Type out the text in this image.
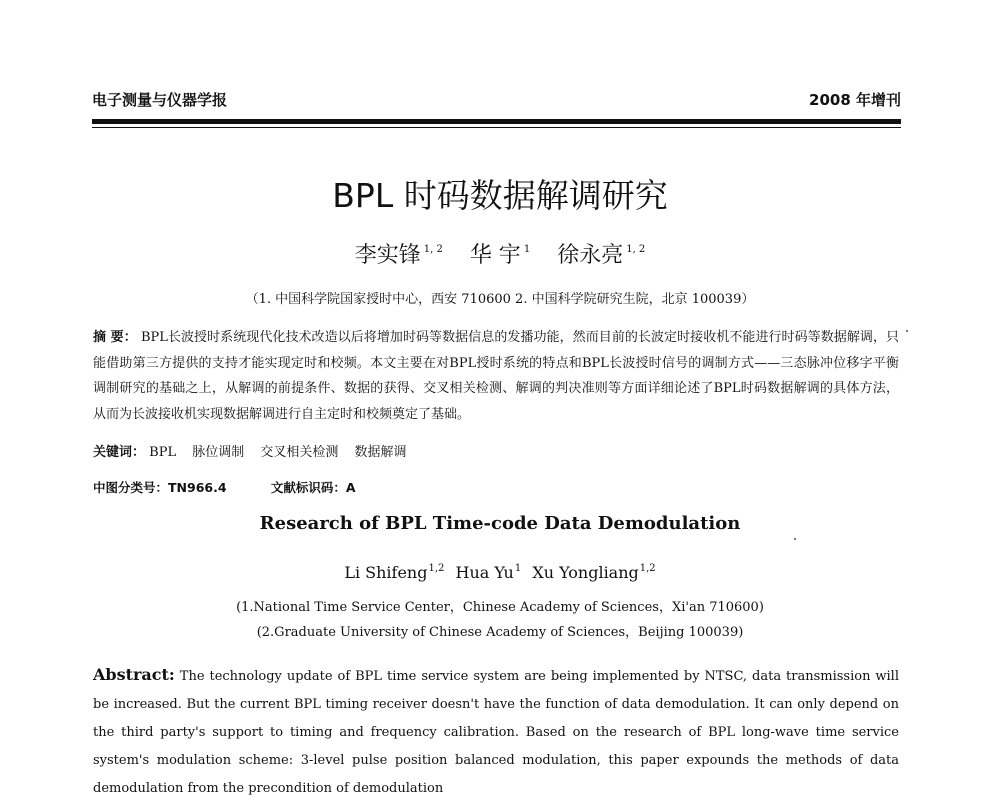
电子测量与仪器学报	2008 年增刊
BPL 时码数据解调研究
李实锋 $^{1, 2}$ 华 宇 $^1$ 徐永亮 $^{1, 2}$
（1. 中国科学院国家授时中心，西安 710600 2. 中国科学院研究生院，北京 100039）
摘 要： BPL长波授时系统现代化技术改造以后将增加时码等数据信息的发播功能，然而目前的长波定时接收机不能进行时码等数据解调，只能借助第三方提供的支持才能实现定时和校频。本文主要在对BPL授时系统的特点和BPL长波授时信号的调制方式——三态脉冲位移字平衡调制研究的基础之上，从解调的前提条件、数据的获得、交叉相关检测、解调的判决准则等方面详细论述了BPL时码数据解调的具体方法，从而为长波接收机实现数据解调进行自主定时和校频奠定了基础。
关键词： BPL 脉位调制 交叉相关检测 数据解调
中图分类号：TN966.4	文献标识码：A
Research of BPL Time-code Data Demodulation
Li Shifeng$^{1,2}$ Hua Yu$^1$ Xu Yongliang$^{1,2}$
(1.National Time Service Center，Chinese Academy of Sciences，Xi'an 710600)
(2.Graduate University of Chinese Academy of Sciences，Beijing 100039)
Abstract: The technology update of BPL time service system are being implemented by NTSC, data transmission will be increased. But the current BPL timing receiver doesn't have the function of data demodulation. It can only depend on the third party's support to timing and frequency calibration. Based on the research of BPL long-wave time service system's modulation scheme: 3-level pulse position balanced modulation, this paper expounds the methods of data demodulation from the precondition of demodulation
